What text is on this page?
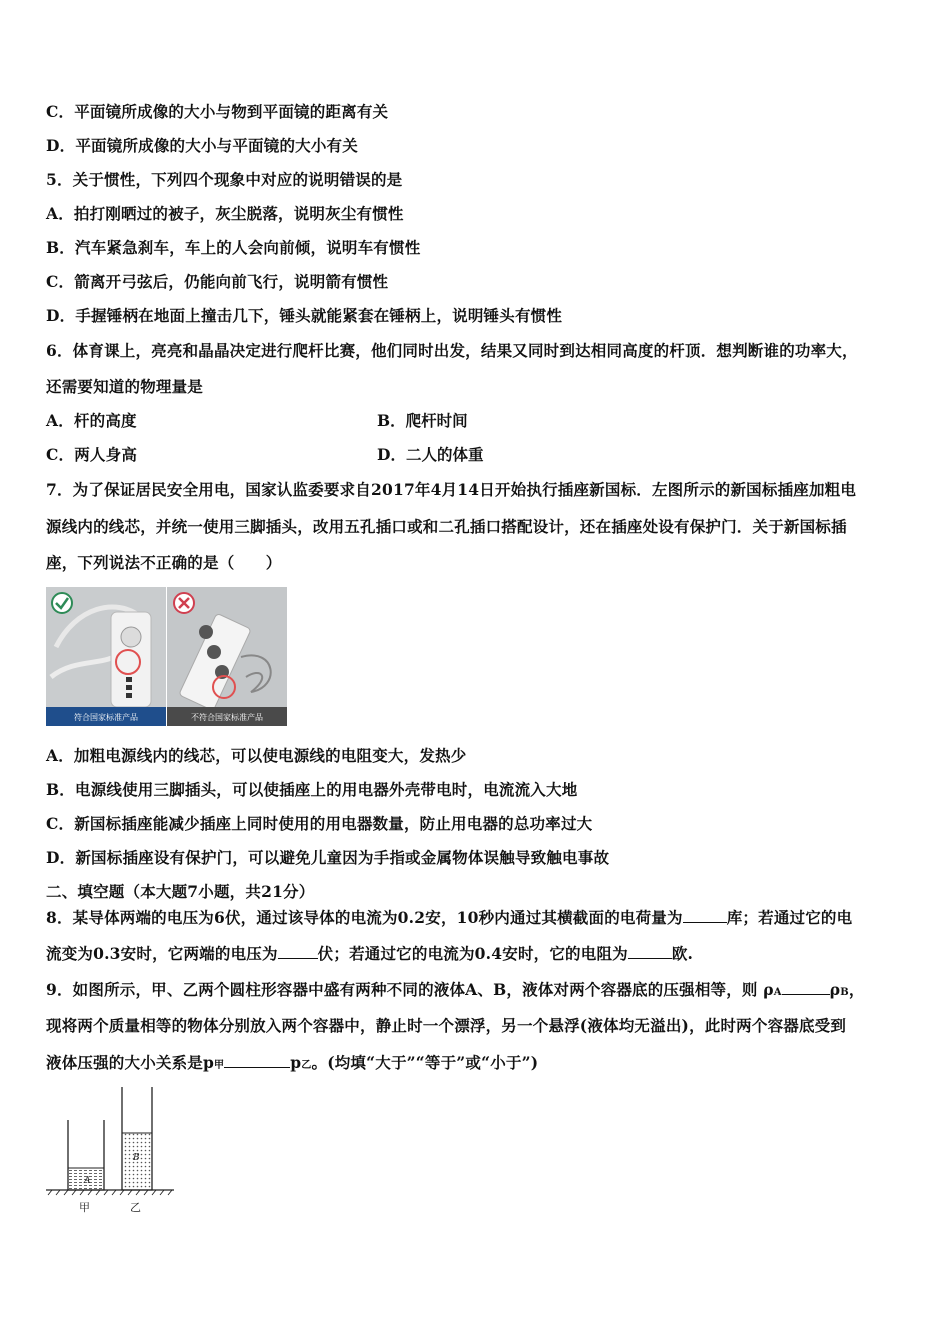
C．平面镜所成像的大小与物到平面镜的距离有关
D．平面镜所成像的大小与平面镜的大小有关
5．关于惯性，下列四个现象中对应的说明错误的是
A．拍打刚晒过的被子，灰尘脱落，说明灰尘有惯性
B．汽车紧急刹车，车上的人会向前倾，说明车有惯性
C．箭离开弓弦后，仍能向前飞行，说明箭有惯性
D．手握锤柄在地面上撞击几下，锤头就能紧套在锤柄上，说明锤头有惯性
6．体育课上，亮亮和晶晶决定进行爬杆比赛，他们同时出发，结果又同时到达相同高度的杆顶．想判断谁的功率大，
还需要知道的物理量是
A．杆的高度	B．爬杆时间
C．两人身高	D．二人的体重
7．为了保证居民安全用电，国家认监委要求自2017年4月14日开始执行插座新国标．左图所示的新国标插座加粗电
源线内的线芯，并统一使用三脚插头，改用五孔插口或和二孔插口搭配设计，还在插座处设有保护门．关于新国标插
座，下列说法不正确的是（　　）
符合国家标准产品	不符合国家标准产品
A．加粗电源线内的线芯，可以使电源线的电阻变大，发热少
B．电源线使用三脚插头，可以使插座上的用电器外壳带电时，电流流入大地
C．新国标插座能减少插座上同时使用的用电器数量，防止用电器的总功率过大
D．新国标插座设有保护门，可以避免儿童因为手指或金属物体误触导致触电事故
二、填空题（本大题7小题，共21分）
8．某导体两端的电压为6伏，通过该导体的电流为0.2安，10秒内通过其横截面的电荷量为	库；若通过它的电
流变为0.3安时，它两端的电压为	伏；若通过它的电流为0.4安时，它的电阻为	欧.
9．如图所示，甲、乙两个圆柱形容器中盛有两种不同的液体A、B，液体对两个容器底的压强相等，则 ρA	ρB，
现将两个质量相等的物体分别放入两个容器中，静止时一个漂浮，另一个悬浮(液体均无溢出)，此时两个容器底受到
液体压强的大小关系是p甲	p乙。(均填“大于”“等于”或“小于”)
A
B
甲	乙
